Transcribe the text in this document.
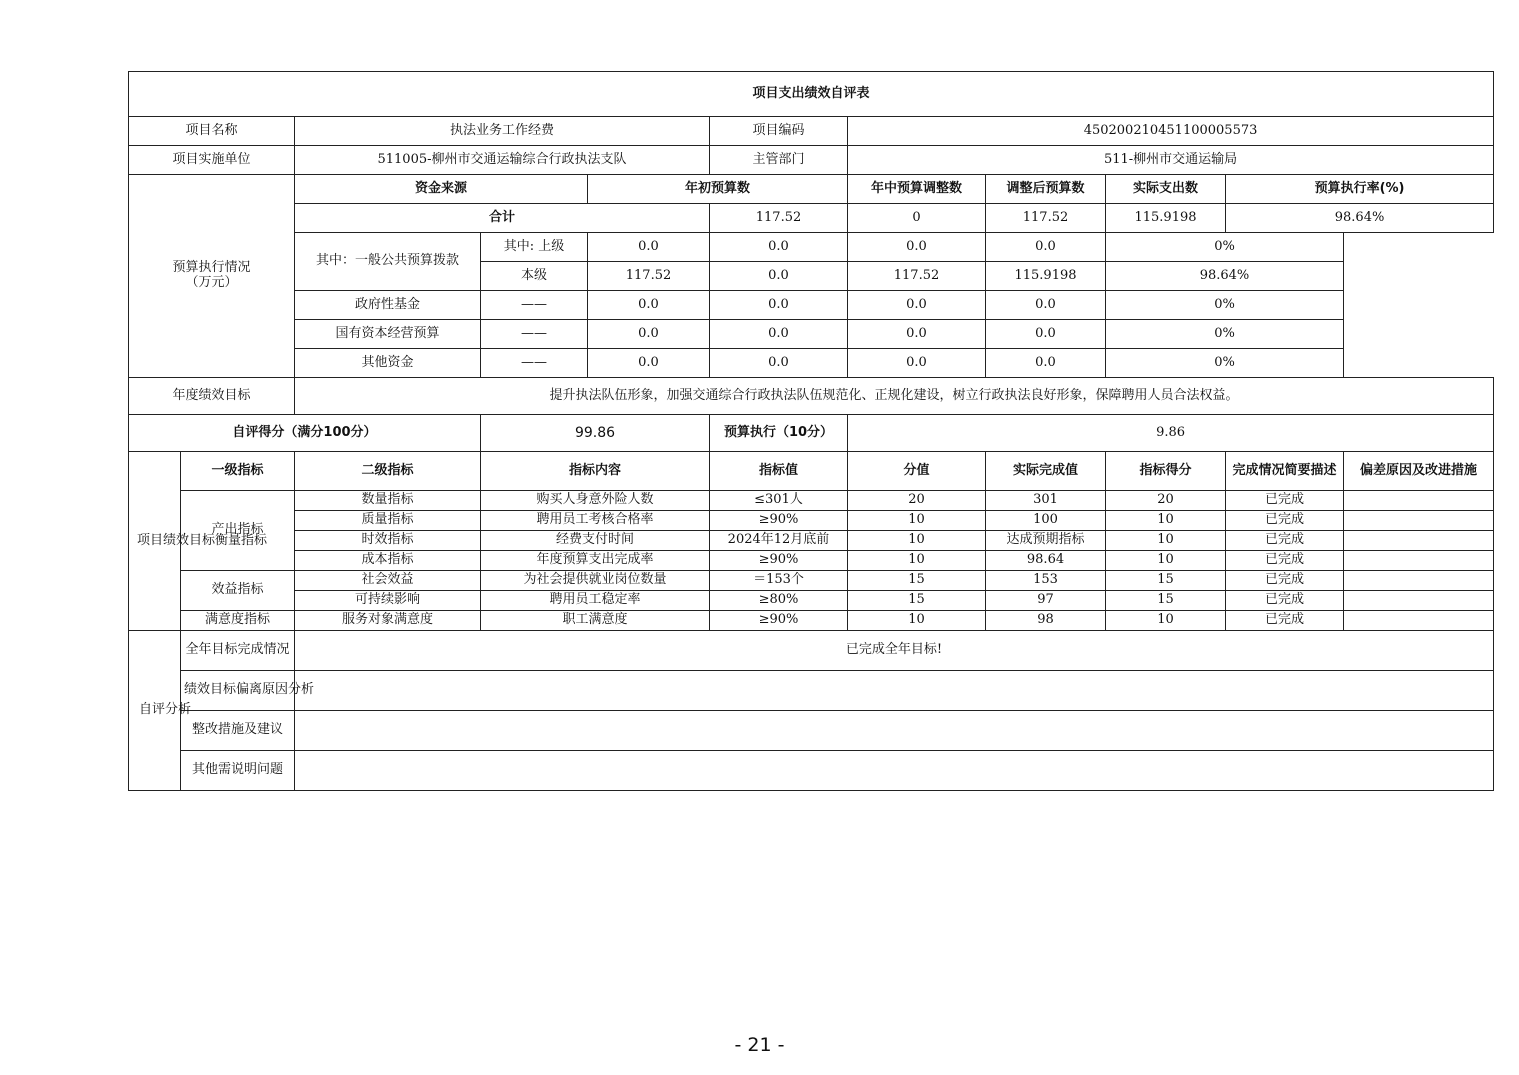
项目支出绩效自评表										
项目名称		执法业务工作经费			项目编码	450200210451100005573				
项目实施单位		511005-柳州市交通运输综合行政执法支队			主管部门	511-柳州市交通运输局				
预算执行情况
（万元）		资金来源		年初预算数		年中预算调整数	调整后预算数	实际支出数	预算执行率(%)	
		合计			117.52	0	117.52	115.9198	98.64%	
		其中：一般公共预算拨款	其中: 上级	0.0	0.0	0.0	0.0	0%		
			本级	117.52	0.0	117.52	115.9198	98.64%		
		政府性基金	——	0.0	0.0	0.0	0.0	0%		
		国有资本经营预算	——	0.0	0.0	0.0	0.0	0%		
		其他资金	——	0.0	0.0	0.0	0.0	0%		
年度绩效目标		提升执法队伍形象，加强交通综合行政执法队伍规范化、正规化建设，树立行政执法良好形象，保障聘用人员合法权益。								
自评得分（满分100分）			99.86		预算执行（10分）	9.86				
项目绩效目标衡量指标	一级指标	二级指标	指标内容		指标值	分值	实际完成值	指标得分	完成情况简要描述	偏差原因及改进措施
	产出指标	数量指标	购买人身意外险人数		≤301人	20	301	20	已完成	
		质量指标	聘用员工考核合格率		≥90%	10	100	10	已完成	
		时效指标	经费支付时间		2024年12月底前	10	达成预期指标	10	已完成	
		成本指标	年度预算支出完成率		≥90%	10	98.64	10	已完成	
	效益指标	社会效益	为社会提供就业岗位数量		＝153个	15	153	15	已完成	
		可持续影响	聘用员工稳定率		≥80%	15	97	15	已完成	
	满意度指标	服务对象满意度	职工满意度		≥90%	10	98	10	已完成	
自评分析	全年目标完成情况	已完成全年目标!								
	绩效目标偏离原因分析									
	整改措施及建议									
	其他需说明问题									
- 21 -
